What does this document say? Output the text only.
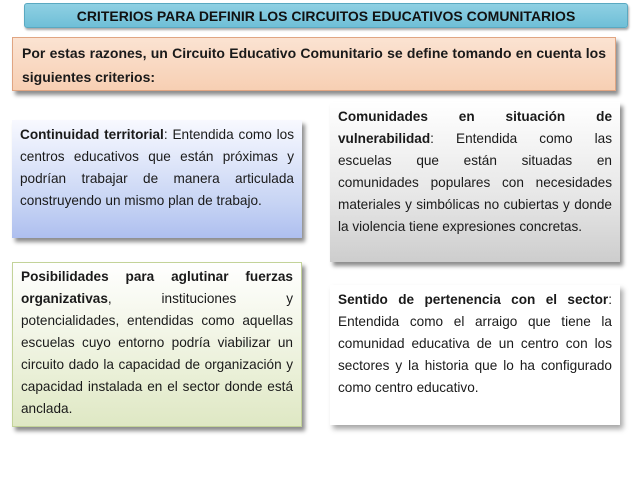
CRITERIOS PARA DEFINIR LOS CIRCUITOS EDUCATIVOS COMUNITARIOS
Por estas razones, un Circuito Educativo Comunitario se define tomando en cuenta los siguientes criterios:
Continuidad territorial: Entendida como los centros educativos que están próximas y podrían trabajar de manera articulada construyendo un mismo plan de trabajo.
Comunidades en situación de vulnerabilidad: Entendida como las escuelas que están situadas en comunidades populares con necesidades materiales y simbólicas no cubiertas y donde la violencia tiene expresiones concretas.
Posibilidades para aglutinar fuerzas organizativas, instituciones y potencialidades, entendidas como aquellas escuelas cuyo entorno podría viabilizar un circuito dado la capacidad de organización y capacidad instalada en el sector donde está anclada.
Sentido de pertenencia con el sector: Entendida como el arraigo que tiene la comunidad educativa de un centro con los sectores y la historia que lo ha configurado como centro educativo.
